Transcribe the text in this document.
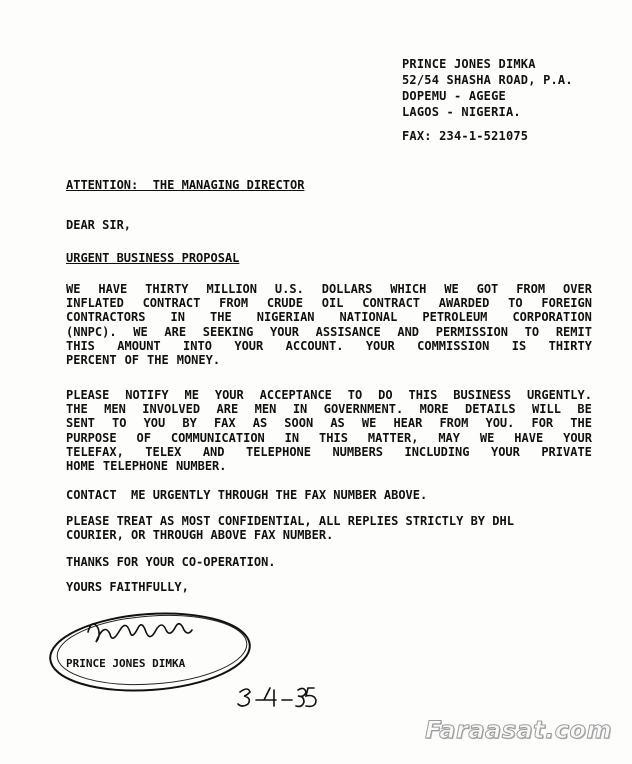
PRINCE JONES DIMKA
52/54 SHASHA ROAD, P.A.
DOPEMU - AGEGE
LAGOS - NIGERIA.
FAX: 234-1-521075
ATTENTION:  THE MANAGING DIRECTOR
DEAR SIR,
URGENT BUSINESS PROPOSAL
WE HAVE THIRTY MILLION U.S. DOLLARS WHICH WE GOT FROM OVER
INFLATED CONTRACT FROM CRUDE OIL CONTRACT AWARDED TO FOREIGN
CONTRACTORS IN THE NIGERIAN NATIONAL PETROLEUM CORPORATION
(NNPC). WE ARE SEEKING YOUR ASSISANCE AND PERMISSION TO REMIT
THIS AMOUNT INTO YOUR ACCOUNT. YOUR COMMISSION IS THIRTY
PERCENT OF THE MONEY.
PLEASE NOTIFY ME YOUR ACCEPTANCE TO DO THIS BUSINESS URGENTLY.
THE MEN INVOLVED ARE MEN IN GOVERNMENT. MORE DETAILS WILL BE
SENT TO YOU BY FAX AS SOON AS WE HEAR FROM YOU. FOR THE
PURPOSE OF COMMUNICATION IN THIS MATTER, MAY WE HAVE YOUR
TELEFAX, TELEX AND TELEPHONE NUMBERS INCLUDING YOUR PRIVATE
HOME TELEPHONE NUMBER.
CONTACT  ME URGENTLY THROUGH THE FAX NUMBER ABOVE.
PLEASE TREAT AS MOST CONFIDENTIAL, ALL REPLIES STRICTLY BY DHL
COURIER, OR THROUGH ABOVE FAX NUMBER.
THANKS FOR YOUR CO-OPERATION.
YOURS FAITHFULLY,
PRINCE JONES DIMKA
Faraasat.com
